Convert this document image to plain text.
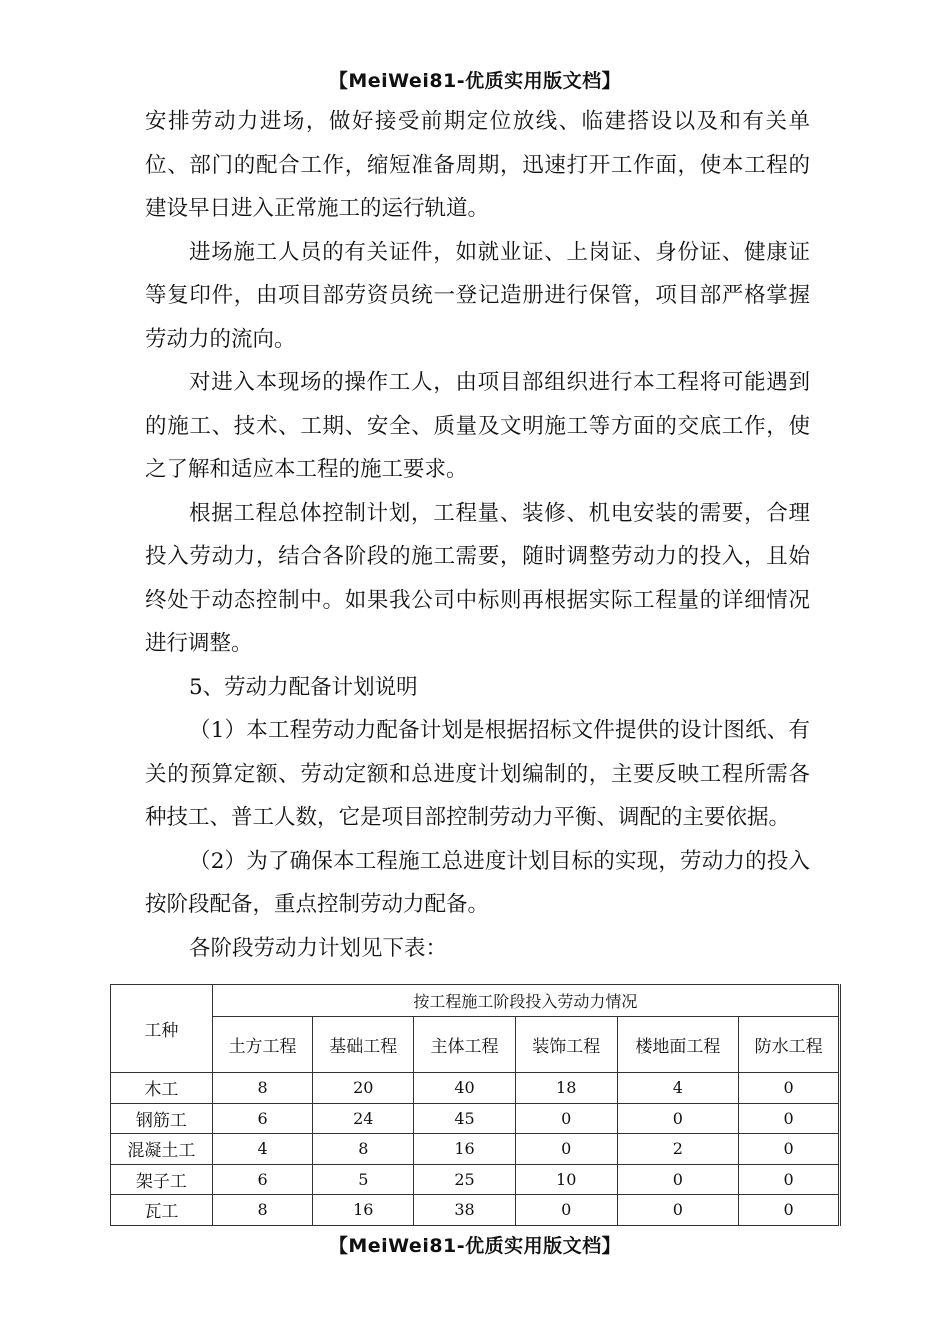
【MeiWei81-优质实用版文档】

安排劳动力进场，做好接受前期定位放线、临建搭设以及和有关单位、部门的配合工作，缩短准备周期，迅速打开工作面，使本工程的建设早日进入正常施工的运行轨道。

进场施工人员的有关证件，如就业证、上岗证、身份证、健康证等复印件，由项目部劳资员统一登记造册进行保管，项目部严格掌握劳动力的流向。

对进入本现场的操作工人，由项目部组织进行本工程将可能遇到的施工、技术、工期、安全、质量及文明施工等方面的交底工作，使之了解和适应本工程的施工要求。

根据工程总体控制计划，工程量、装修、机电安装的需要，合理投入劳动力，结合各阶段的施工需要，随时调整劳动力的投入，且始终处于动态控制中。如果我公司中标则再根据实际工程量的详细情况进行调整。

5、劳动力配备计划说明

（1）本工程劳动力配备计划是根据招标文件提供的设计图纸、有关的预算定额、劳动定额和总进度计划编制的，主要反映工程所需各种技工、普工人数，它是项目部控制劳动力平衡、调配的主要依据。

（2）为了确保本工程施工总进度计划目标的实现，劳动力的投入按阶段配备，重点控制劳动力配备。

各阶段劳动力计划见下表：

工种	按工程施工阶段投入劳动力情况					
	土方工程	基础工程	主体工程	装饰工程	楼地面工程	防水工程
木工	8	20	40	18	4	0
钢筋工	6	24	45	0	0	0
混凝土工	4	8	16	0	2	0
架子工	6	5	25	10	0	0
瓦工	8	16	38	0	0	0
【MeiWei81-优质实用版文档】
